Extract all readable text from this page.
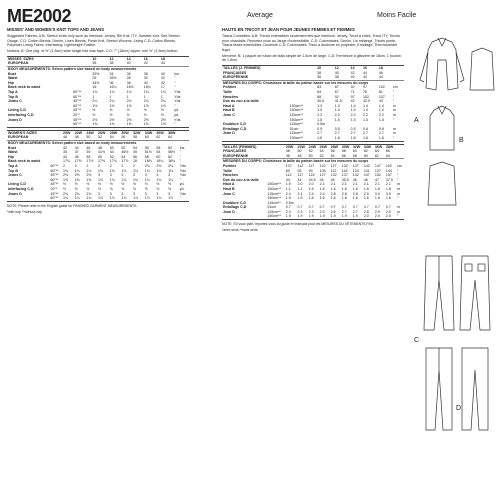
ME2002	Average	Moins Facile
MISSES' AND WOMEN'S KNIT TOPS AND JEANS	HAUTS EN TRICOT ET JEAN POUR JEUNES FEMMES ET FEMMES

Suggested Fabrics: A,B: Stretch Knits only such as Interlock, Jersey, Rib Knit, ITY, Sweater Knit. See Stretch Gauge. C,D: Cotton Blends, Denim, Linen Blends, Ponte Knit, Stretch Wovens. Lining C,D: Cotton Blends, Polyester Lining Fabric. Interfacing: Lightweight Fusible.

Notions: B: One pkg. of ⅜" (1.5cm) wide single fold bias tape. C,D: 7" (18cm) zipper, one ⅝" (1.5cm) button.

MISSES' SIZES		10	12	14	16	18	
EUROPEAN		36	38	40	42	44	
BODY MEASUREMENTS: Select pattern size based on body measurements							
Bust		32½	34	36	38	40	ins.
Waist		25	26½	28	30	32	"
Hip		34½	36	38	40	42	"
Back neck to waist		16	16¼	16½	16¾	17	"
Top A	60"**	1¾	1¾	1¾	1¾	1¾	Yds
Top B	60"**	1	1	1	1	1	Yds
Jeans C	45"**	2¼	2¼	2¼	2¼	2¼	Yds
	60"**	1½	1½	1½	1½	1½	"
Lining C,D	45"**	½	½	½	½	½	yd.
Interfacing C,D	20"*	½	½	½	½	½	yd.
Jeans D	45"**	2½	2½	2½	2½	2½	Yds
	60"**	1⅝	1⅝	1⅝	1⅝	1⅝	"
WOMEN'S SIZES		20W	22W	24W	26W	28W	30W	32W	34W	36W	38W	
EUROPEAN		46	48	50	52	54	56	58	60	62	64	
BODY MEASUREMENTS: Select pattern size based on body measurements												
Bust		42	44	46	48	50	52	54	56	58	60	ins.
Waist		35	37	39	41½	44	46½	49	51½	54	56½	"
Hip		44	46	48	50	52	54	56	58	60	62	"
Back neck to waist		17¼	17⅜	17½	17⅝	17¾	17⅞	18	18⅛	18¼	18⅜	"
Top A	60"**	2	2	2	2	2	2	2	2⅛	2⅛	2⅛	Yds
Top B	60"**	1⅛	1⅛	1⅛	1⅛	1⅛	1⅛	1⅛	1⅛	1⅛	1⅛	Yds
Jeans C	45"**	2½	2½	2½	3	3	3	3	3	3	3	Yds
	60"**	1⅝	1⅝	1⅝	1¾	1¾	1¾	1¾	1¾	1¾	1¾	"
Lining C,D	45"**	½	½	½	½	½	½	½	½	½	½	yd.
Interfacing C,D	20"*	½	½	½	½	½	½	½	½	½	½	yd.
Jeans D	45"**	2¾	2¾	2¾	3	3	3	3	3	3	3	Yds
	60"**	1¾	1¾	1¾	1⅞	1⅞	1⅞	1⅞	1⅞	1⅞	1⅞	"

NOTE: Please refer to the English guide for FINISHED GARMENT MEASUREMENTS.

*with nap **without nap

Tissus Conseillés: A,B: Tricots extensibles seulement tels que Interlock, Jersey, Tricot à côtes, Tricot ITY, Tricots pour chandails. Reportez-vous au Jauge d'extensibilité. C,D: Cotonnades, Denim, Lin mélangé, Tricots ponte, Tissus tissés extensibles. Doublure C,D: Cotonnades, Tissu à doublure en polyester. Entoilage: Thermocollant léger.

Mercerie: B: 1 paquet de ruban de biais simple de 1,5cm de large. C,D: Fermeture à glissière de 18cm, 1 bouton de 1,5cm.

TAILLES (J. FEMMES)		10	12	14	16	18	
FRANÇAISES		38	40	42	44	46	
EUROPÉENNE		36	38	40	42	44	
MESURES DU CORPS: Choisissez la taille du patron basée sur les mesures du corps							
Poitrine		83	87	92	97	102	cm
Taille		64	67	71	76	81	"
Hanches		88	92	97	102	107	"
Dos du cou à la taille		40.5	41.5	42	42.5	43	"
Haut A	150cm**	1.3	1.3	1.4	1.4	1.4	m
Haut B	150cm**	1.0	1.0	1.0	1.0	1.0	m
Jean C	115cm**	2.2	2.2	2.2	2.2	2.2	m
	150cm**	1.5	1.5	1.5	1.5	1.5	"
Doublure C,D	115cm**	0.5m					
Entoilage C,D	51cm	0.5	0.5	0.5	0.6	0.6	m
Jean D	115cm**	2.7	2.7	2.7	2.7	2.7	m
	150cm**	1.6	1.6	1.6	1.6	1.6	"
TAILLES (FEMMES)		20W	22W	24W	26W	28W	30W	32W	34W	36W	38W	
FRANÇAISES		48	50	52	54	56	58	60	62	64	66	
EUROPÉENNE		46	48	50	52	54	56	58	60	62	64	
MESURES DU CORPS: Choisissez la taille du patron basée sur les mesures du corps												
Poitrine		107	112	117	122	127	132	137	142	147	152	cm
Taille		89	94	99	105	112	118	124	131	137	144	"
Hanches		112	117	122	127	132	137	142	147	152	157	"
Dos du cou à la taille		44	44	44.5	45	45	45.5	46	46	47	47.5	"
Haut A	150cm**	1.9	2.0	2.0	2.1	2.1	2.1	2.1	2.1	2.1	2.1	m
Haut B	150cm**	1.1	1.1	1.6	1.6	1.6	1.6	1.6	1.8	1.8	1.8	m
Jean C	115cm**	2.4	2.4	2.4	2.4	2.8	2.8	2.8	2.9	3.0	3.0	m
	150cm**	1.5	1.5	1.6	1.6	1.6	1.6	1.6	1.6	1.6	1.6	"
Doublure C,D	115cm**	0.5m										
Entoilage C,D	51cm	0.7	0.7	0.7	0.7	0.7	0.7	0.7	0.7	0.7	0.7	m
Jean D	115cm**	2.3	2.3	2.3	2.4	2.6	2.7	2.7	2.8	2.9	2.9	m
	150cm**	1.9	1.9	1.9	1.9	1.9	1.9	1.9	2.0	2.0	2.0	"

NOTE: S'il vous plaît, reportez-vous au guide en français pour les MESURES DU VÊTEMENTS FINI.

*avec sens **sans sens

A
B
C
D
